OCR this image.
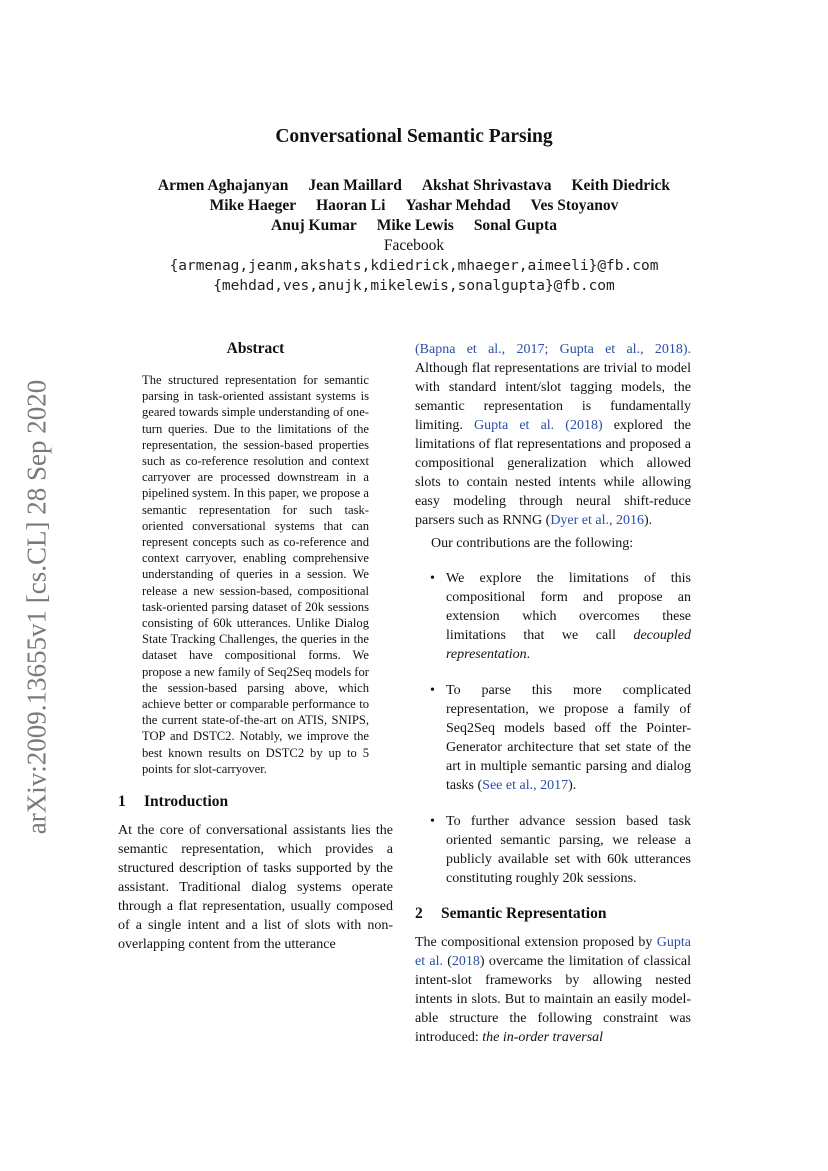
arXiv:2009.13655v1 [cs.CL] 28 Sep 2020
Conversational Semantic Parsing
Armen Aghajanyan Jean Maillard Akshat Shrivastava Keith Diedrick
Mike Haeger Haoran Li Yashar Mehdad Ves Stoyanov
Anuj Kumar Mike Lewis Sonal Gupta
Facebook
{armenag,jeanm,akshats,kdiedrick,mhaeger,aimeeli}@fb.com
{mehdad,ves,anujk,mikelewis,sonalgupta}@fb.com
Abstract

The structured representation for semantic parsing in task-oriented assistant systems is geared towards simple understanding of one-turn queries. Due to the limitations of the representation, the session-based properties such as co-reference resolution and context carryover are processed downstream in a pipelined system. In this paper, we propose a semantic representation for such task-oriented conversational systems that can represent concepts such as co-reference and context carryover, enabling comprehensive understanding of queries in a session. We release a new session-based, compositional task-oriented parsing dataset of 20k sessions consisting of 60k utterances. Unlike Dialog State Tracking Challenges, the queries in the dataset have compositional forms. We propose a new family of Seq2Seq models for the session-based parsing above, which achieve better or comparable performance to the current state-of-the-art on ATIS, SNIPS, TOP and DSTC2. Notably, we improve the best known results on DSTC2 by up to 5 points for slot-carryover.

1 Introduction

At the core of conversational assistants lies the semantic representation, which provides a structured description of tasks supported by the assistant. Traditional dialog systems operate through a flat representation, usually composed of a single intent and a list of slots with non-overlapping content from the utterance

(Bapna et al., 2017; Gupta et al., 2018). Although flat representations are trivial to model with standard intent/slot tagging models, the semantic representation is fundamentally limiting. Gupta et al. (2018) explored the limitations of flat representations and proposed a compositional generalization which allowed slots to contain nested intents while allowing easy modeling through neural shift-reduce parsers such as RNNG (Dyer et al., 2016).

Our contributions are the following:

• We explore the limitations of this compositional form and propose an extension which overcomes these limitations that we call decoupled representation.
• To parse this more complicated representation, we propose a family of Seq2Seq models based off the Pointer-Generator architecture that set state of the art in multiple semantic parsing and dialog tasks (See et al., 2017).
• To further advance session based task oriented semantic parsing, we release a publicly available set with 60k utterances constituting roughly 20k sessions.
2 Semantic Representation

The compositional extension proposed by Gupta et al. (2018) overcame the limitation of classical intent-slot frameworks by allowing nested intents in slots. But to maintain an easily model-able structure the following constraint was introduced: the in-order traversal
